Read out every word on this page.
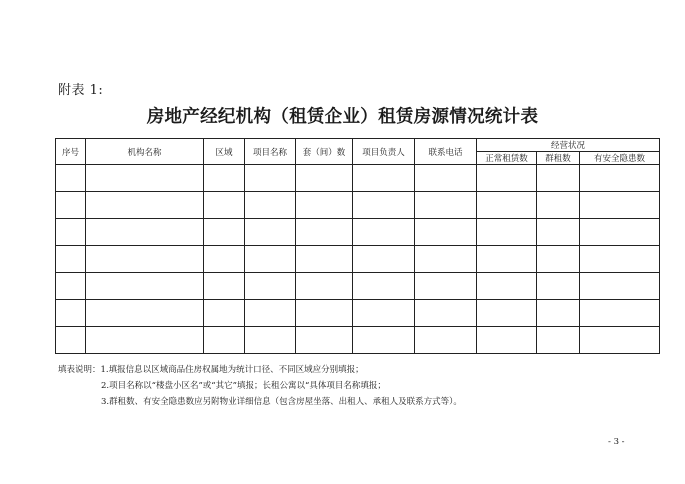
附表 1:
房地产经纪机构（租赁企业）租赁房源情况统计表
序号	机构名称	区域	项目名称	套（间）数	项目负责人	联系电话	经营状况		
							正常租赁数	群租数	有安全隐患数

填表说明：1.填报信息以区域商品住房权属地为统计口径、不同区域应分别填报；
2.项目名称以“楼盘小区名”或“其它”填报；长租公寓以“具体项目名称填报；
3.群租数、有安全隐患数应另附物业详细信息（包含房屋坐落、出租人、承租人及联系方式等）。
- 3 -
